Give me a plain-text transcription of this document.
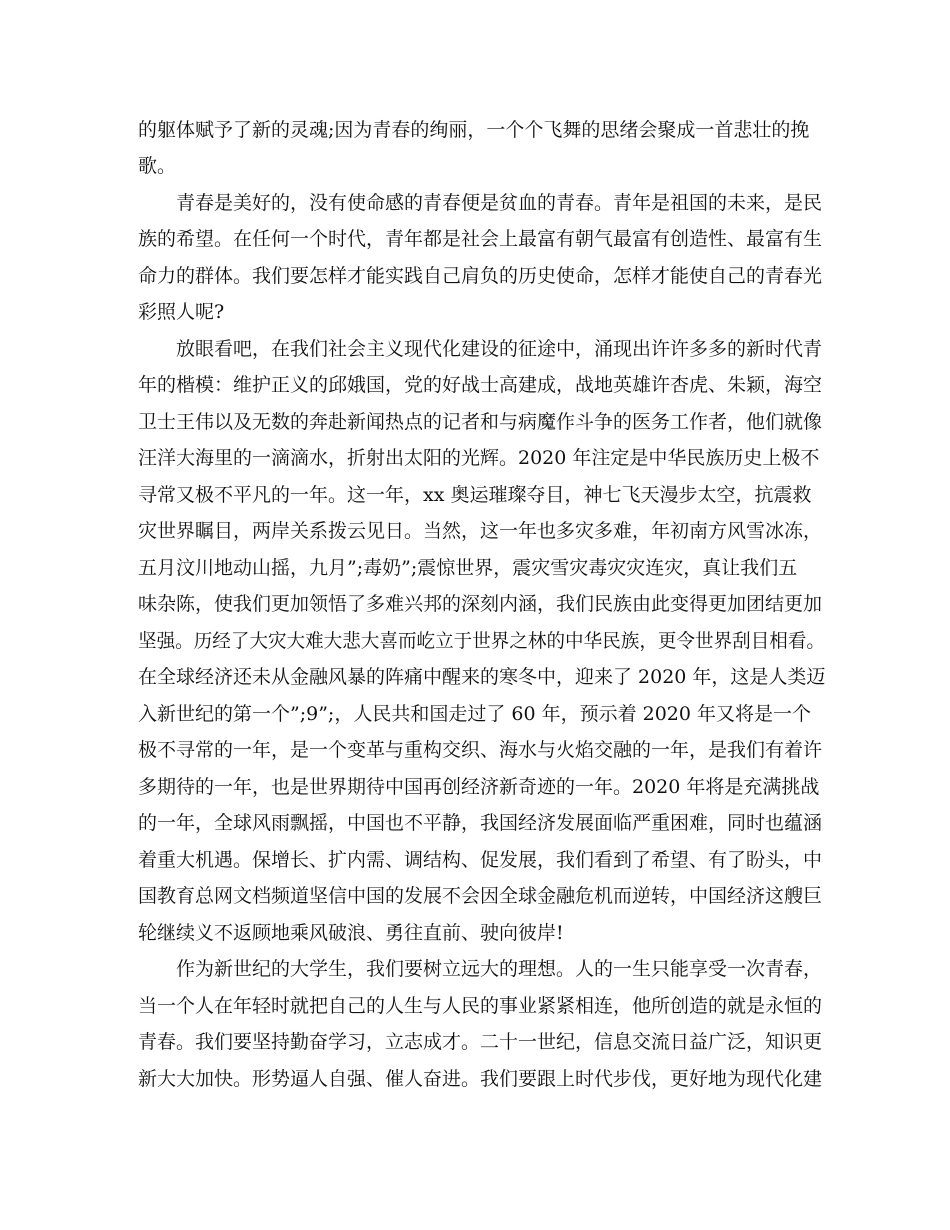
的躯体赋予了新的灵魂;因为青春的绚丽，一个个飞舞的思绪会聚成一首悲壮的挽
歌。
青春是美好的，没有使命感的青春便是贫血的青春。青年是祖国的未来，是民
族的希望。在任何一个时代，青年都是社会上最富有朝气最富有创造性、最富有生
命力的群体。我们要怎样才能实践自己肩负的历史使命，怎样才能使自己的青春光
彩照人呢?
放眼看吧，在我们社会主义现代化建设的征途中，涌现出许许多多的新时代青
年的楷模：维护正义的邱娥国，党的好战士高建成，战地英雄许杏虎、朱颖，海空
卫士王伟以及无数的奔赴新闻热点的记者和与病魔作斗争的医务工作者，他们就像
汪洋大海里的一滴滴水，折射出太阳的光辉。2020 年注定是中华民族历史上极不
寻常又极不平凡的一年。这一年，xx 奥运璀璨夺目，神七飞天漫步太空，抗震救
灾世界瞩目，两岸关系拨云见日。当然，这一年也多灾多难，年初南方风雪冰冻，
五月汶川地动山摇，九月”;毒奶”;震惊世界，震灾雪灾毒灾灾连灾，真让我们五
味杂陈，使我们更加领悟了多难兴邦的深刻内涵，我们民族由此变得更加团结更加
坚强。历经了大灾大难大悲大喜而屹立于世界之林的中华民族，更令世界刮目相看。
在全球经济还未从金融风暴的阵痛中醒来的寒冬中，迎来了 2020 年，这是人类迈
入新世纪的第一个”;9”;，人民共和国走过了 60 年，预示着 2020 年又将是一个
极不寻常的一年，是一个变革与重构交织、海水与火焰交融的一年，是我们有着许
多期待的一年，也是世界期待中国再创经济新奇迹的一年。2020 年将是充满挑战
的一年，全球风雨飘摇，中国也不平静，我国经济发展面临严重困难，同时也蕴涵
着重大机遇。保增长、扩内需、调结构、促发展，我们看到了希望、有了盼头，中
国教育总网文档频道坚信中国的发展不会因全球金融危机而逆转，中国经济这艘巨
轮继续义不返顾地乘风破浪、勇往直前、驶向彼岸!
作为新世纪的大学生，我们要树立远大的理想。人的一生只能享受一次青春，
当一个人在年轻时就把自己的人生与人民的事业紧紧相连，他所创造的就是永恒的
青春。我们要坚持勤奋学习，立志成才。二十一世纪，信息交流日益广泛，知识更
新大大加快。形势逼人自强、催人奋进。我们要跟上时代步伐，更好地为现代化建
